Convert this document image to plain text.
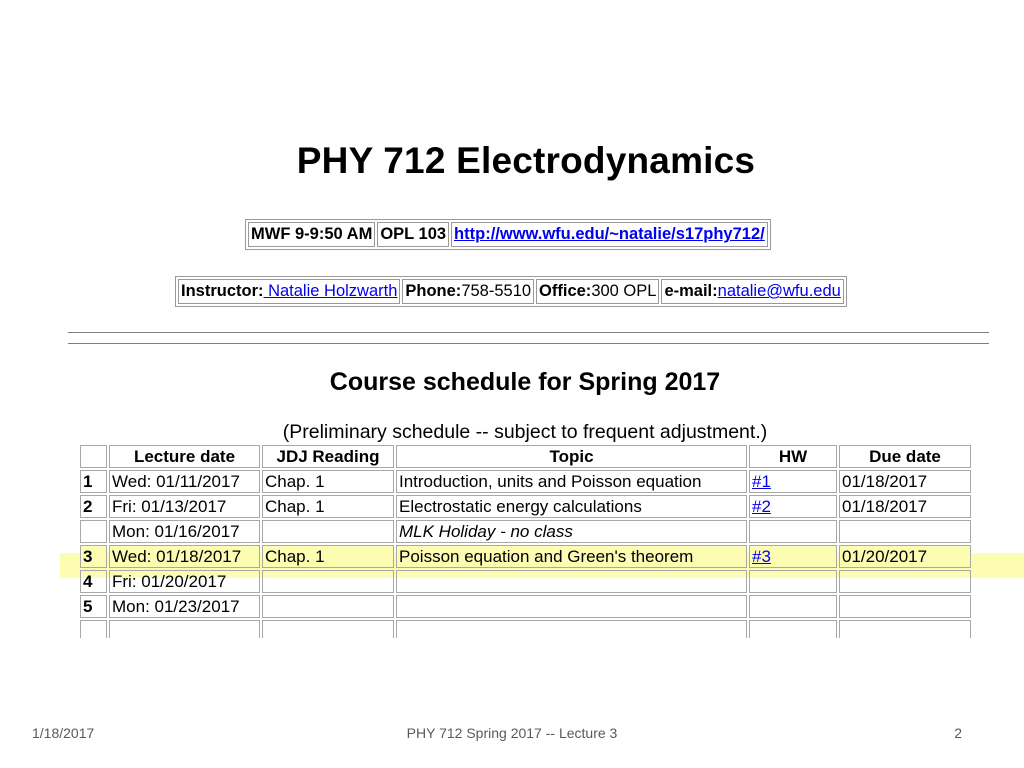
PHY 712 Electrodynamics
MWF 9-9:50 AM	OPL 103	http://www.wfu.edu/~natalie/s17phy712/
Instructor: Natalie Holzwarth	Phone:758-5510	Office:300 OPL	e-mail:natalie@wfu.edu
Course schedule for Spring 2017
(Preliminary schedule -- subject to frequent adjustment.)
	Lecture date	JDJ Reading	Topic	HW	Due date
1	Wed: 01/11/2017	Chap. 1	Introduction, units and Poisson equation	#1	01/18/2017
2	Fri: 01/13/2017	Chap. 1	Electrostatic energy calculations	#2	01/18/2017
	Mon: 01/16/2017		MLK Holiday - no class		
3	Wed: 01/18/2017	Chap. 1	Poisson equation and Green's theorem	#3	01/20/2017
4	Fri: 01/20/2017				
5	Mon: 01/23/2017				

1/18/2017	PHY 712 Spring 2017 -- Lecture 3	2
